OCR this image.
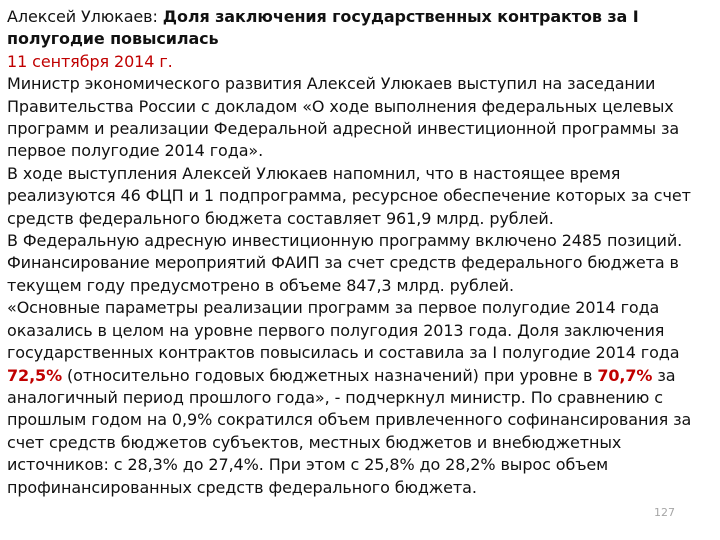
Алексей Улюкаев: Доля заключения государственных контрактов за I полугодие повысилась

11 сентября 2014 г.

Министр экономического развития Алексей Улюкаев выступил на заседании Правительства России с докладом «О ходе выполнения федеральных целевых программ и реализации Федеральной адресной инвестиционной программы за первое полугодие 2014 года».

В ходе выступления Алексей Улюкаев напомнил, что в настоящее время реализуются 46 ФЦП и 1 подпрограмма, ресурсное обеспечение которых за счет средств федерального бюджета составляет 961,9 млрд. рублей.

В Федеральную адресную инвестиционную программу включено 2485 позиций. Финансирование мероприятий ФАИП за счет средств федерального бюджета в текущем году предусмотрено в объеме 847,3 млрд. рублей.

«Основные параметры реализации программ за первое полугодие 2014 года оказались в целом на уровне первого полугодия 2013 года. Доля заключения государственных контрактов повысилась и составила за I полугодие 2014 года 72,5% (относительно годовых бюджетных назначений) при уровне в 70,7% за аналогичный период прошлого года», - подчеркнул министр. По сравнению с прошлым годом на 0,9% сократился объем привлеченного софинансирования за счет средств бюджетов субъектов, местных бюджетов и внебюджетных источников: с 28,3% до 27,4%. При этом с 25,8% до 28,2% вырос объем профинансированных средств федерального бюджета.

127
